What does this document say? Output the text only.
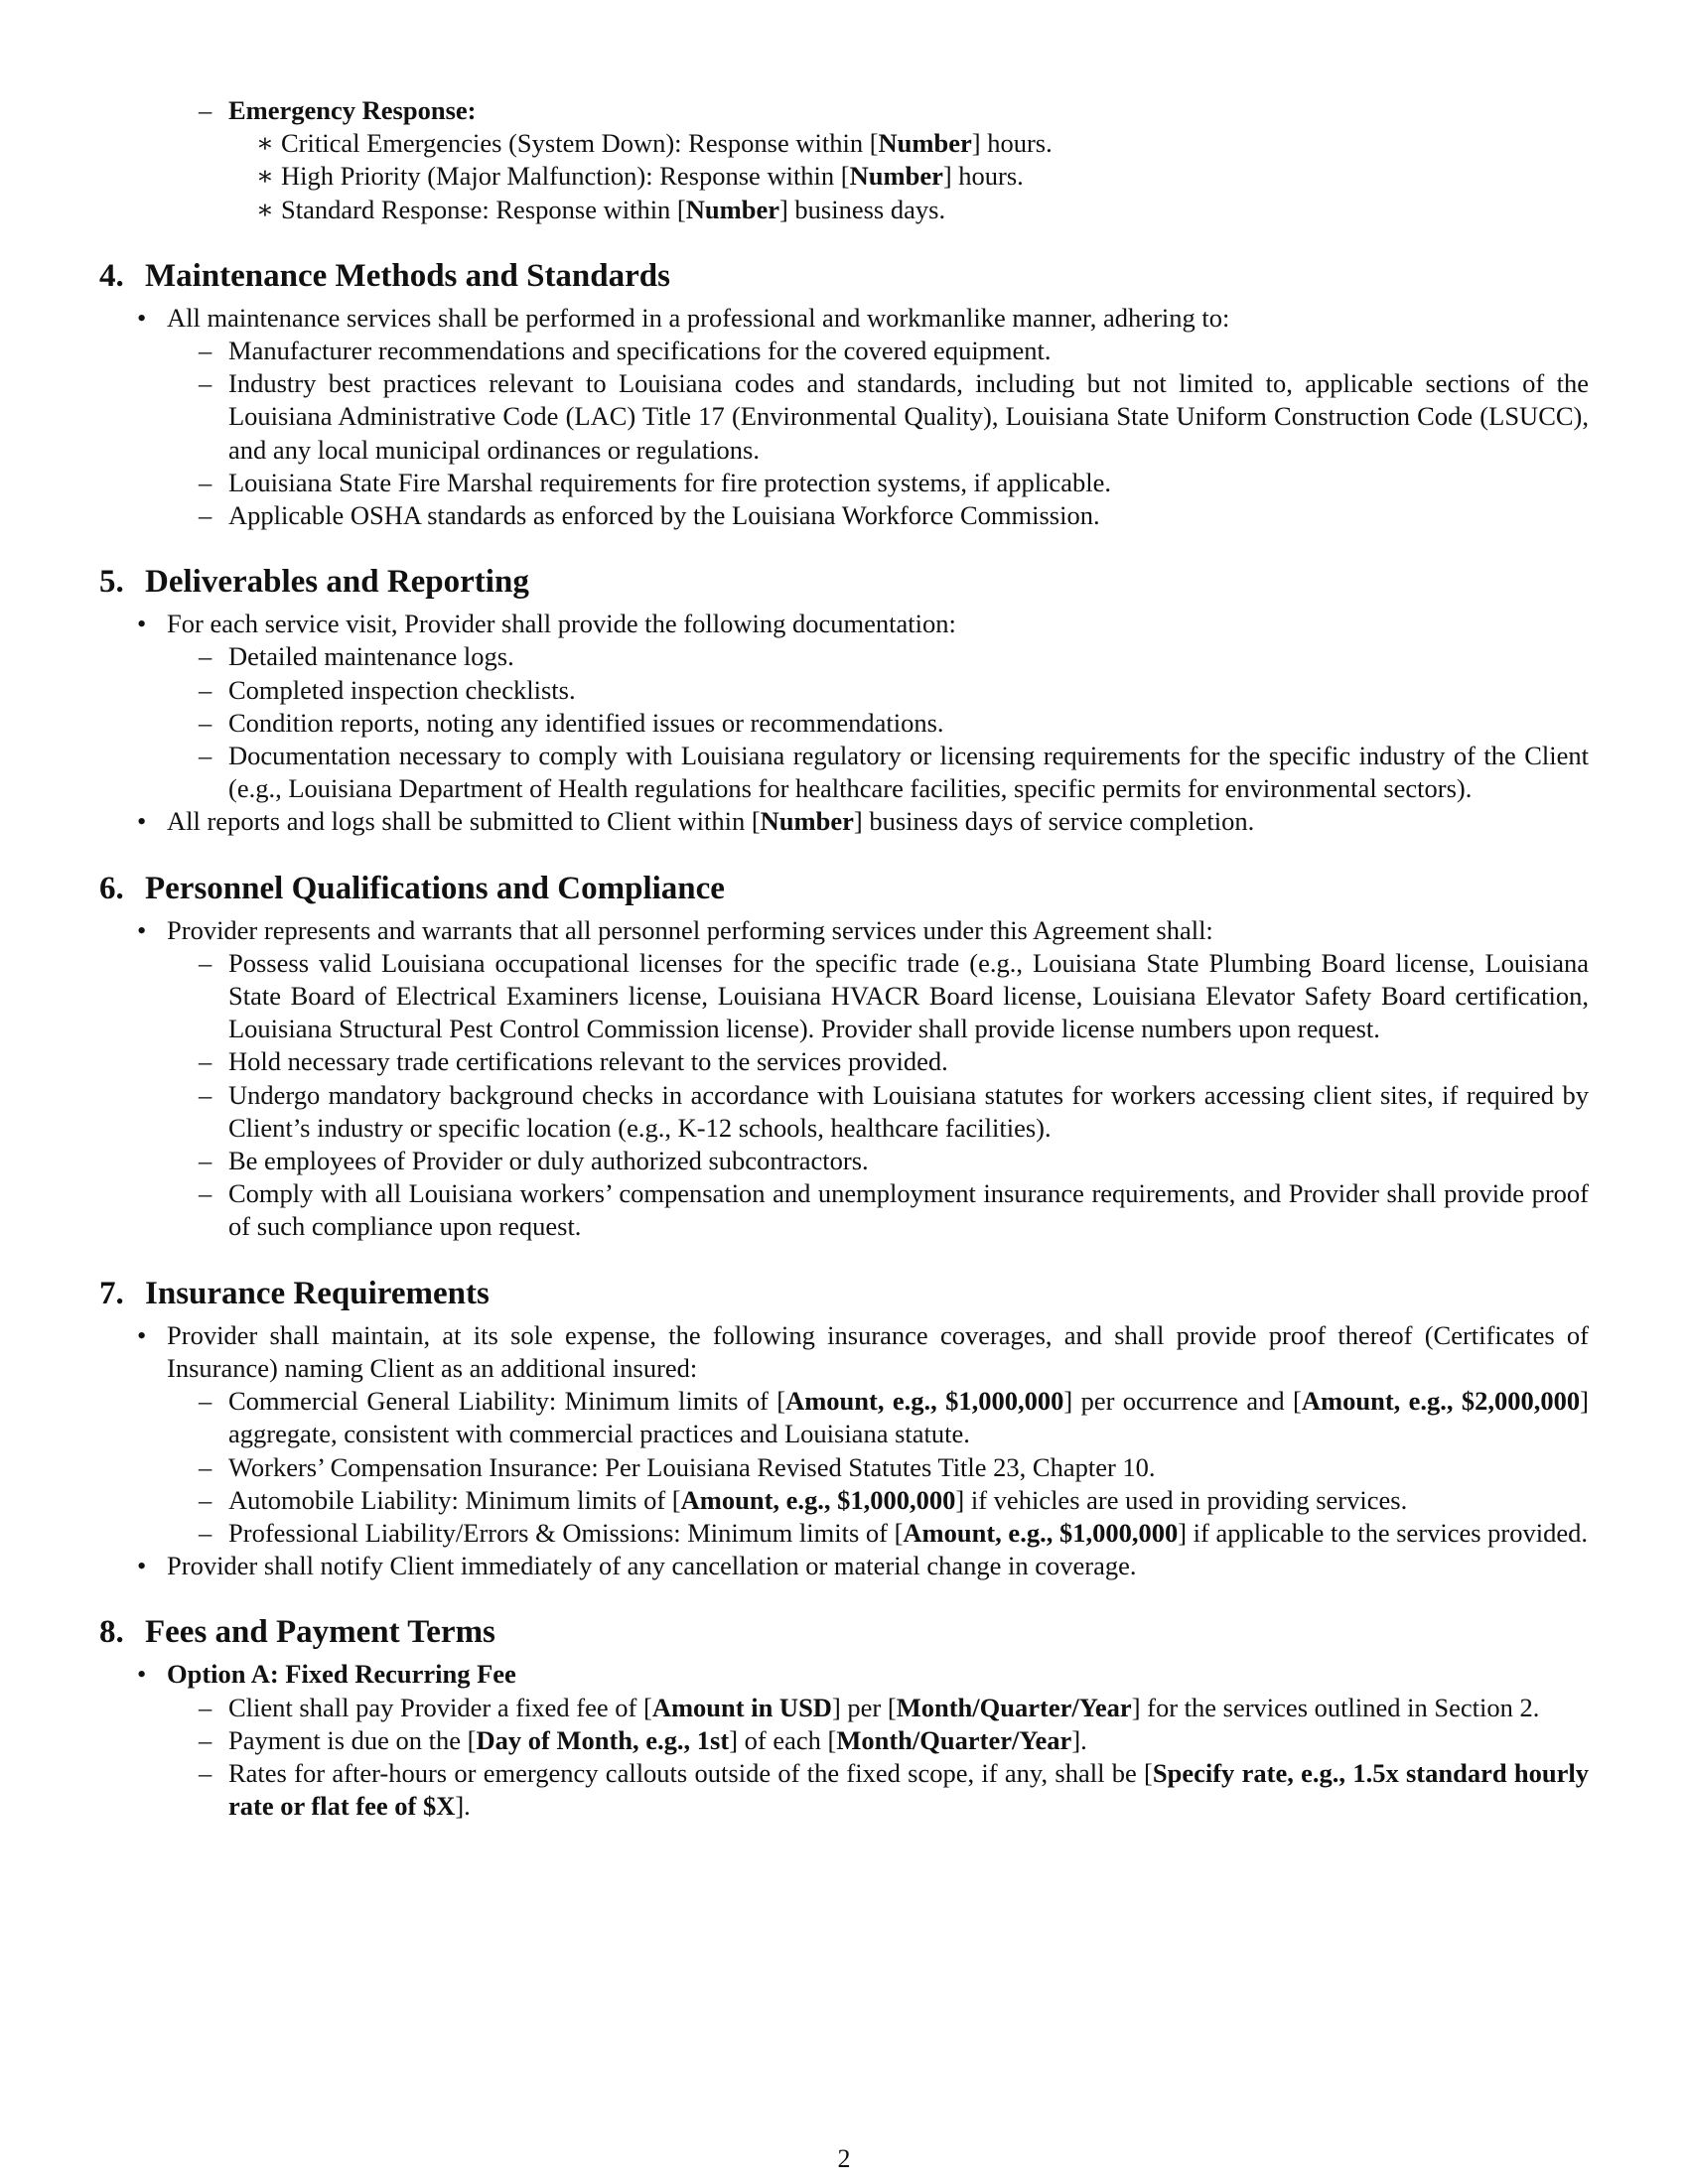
– Emergency Response:
∗ Critical Emergencies (System Down): Response within [Number] hours.
∗ High Priority (Major Malfunction): Response within [Number] hours.
∗ Standard Response: Response within [Number] business days.
4. Maintenance Methods and Standards
• All maintenance services shall be performed in a professional and workmanlike manner, adhering to:
– Manufacturer recommendations and specifications for the covered equipment.
– Industry best practices relevant to Louisiana codes and standards, including but not limited to, applicable sections of the Louisiana Administrative Code (LAC) Title 17 (Environmental Quality), Louisiana State Uniform Construction Code (LSUCC), and any local municipal ordinances or regulations.
– Louisiana State Fire Marshal requirements for fire protection systems, if applicable.
– Applicable OSHA standards as enforced by the Louisiana Workforce Commission.
5. Deliverables and Reporting
• For each service visit, Provider shall provide the following documentation:
– Detailed maintenance logs.
– Completed inspection checklists.
– Condition reports, noting any identified issues or recommendations.
– Documentation necessary to comply with Louisiana regulatory or licensing requirements for the specific industry of the Client (e.g., Louisiana Department of Health regulations for healthcare facilities, specific permits for environmental sectors).
• All reports and logs shall be submitted to Client within [Number] business days of service completion.
6. Personnel Qualifications and Compliance
• Provider represents and warrants that all personnel performing services under this Agreement shall:
– Possess valid Louisiana occupational licenses for the specific trade (e.g., Louisiana State Plumbing Board license, Louisiana State Board of Electrical Examiners license, Louisiana HVACR Board license, Louisiana Elevator Safety Board certification, Louisiana Structural Pest Control Commission license). Provider shall provide license numbers upon request.
– Hold necessary trade certifications relevant to the services provided.
– Undergo mandatory background checks in accordance with Louisiana statutes for workers accessing client sites, if required by Client’s industry or specific location (e.g., K-12 schools, healthcare facilities).
– Be employees of Provider or duly authorized subcontractors.
– Comply with all Louisiana workers’ compensation and unemployment insurance requirements, and Provider shall provide proof of such compliance upon request.
7. Insurance Requirements
• Provider shall maintain, at its sole expense, the following insurance coverages, and shall provide proof thereof (Certificates of Insurance) naming Client as an additional insured:
– Commercial General Liability: Minimum limits of [Amount, e.g., $1,000,000] per occurrence and [Amount, e.g., $2,000,000] aggregate, consistent with commercial practices and Louisiana statute.
– Workers’ Compensation Insurance: Per Louisiana Revised Statutes Title 23, Chapter 10.
– Automobile Liability: Minimum limits of [Amount, e.g., $1,000,000] if vehicles are used in providing services.
– Professional Liability/Errors & Omissions: Minimum limits of [Amount, e.g., $1,000,000] if applicable to the services provided.
• Provider shall notify Client immediately of any cancellation or material change in coverage.
8. Fees and Payment Terms
• Option A: Fixed Recurring Fee
– Client shall pay Provider a fixed fee of [Amount in USD] per [Month/Quarter/Year] for the services outlined in Section 2.
– Payment is due on the [Day of Month, e.g., 1st] of each [Month/Quarter/Year].
– Rates for after-hours or emergency callouts outside of the fixed scope, if any, shall be [Specify rate, e.g., 1.5x standard hourly rate or flat fee of $X].
2
